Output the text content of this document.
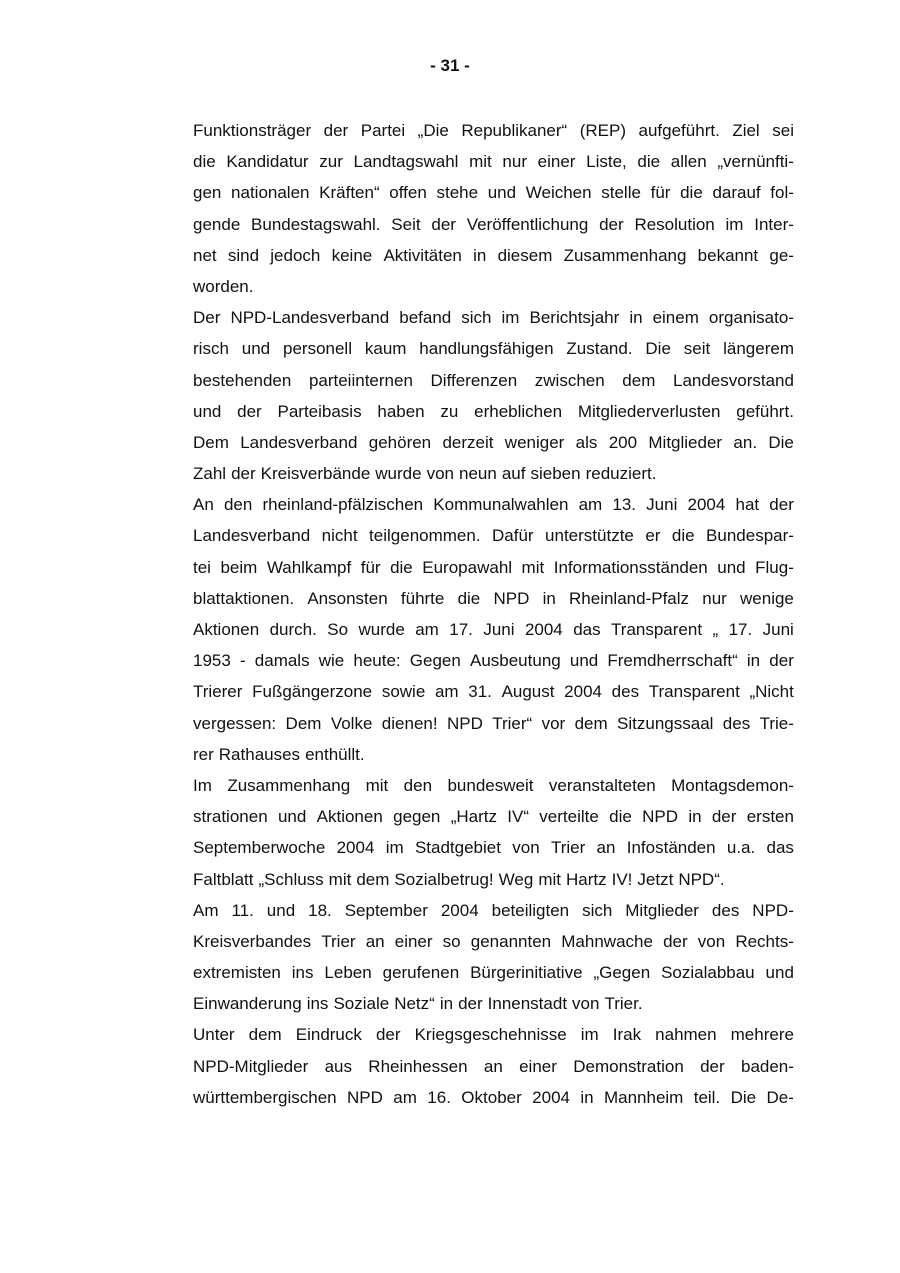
- 31 -
Funktionsträger der Partei „Die Republikaner“ (REP) aufgeführt. Ziel sei
die Kandidatur zur Landtagswahl mit nur einer Liste, die allen „vernünfti-
gen nationalen Kräften“ offen stehe und Weichen stelle für die darauf fol-
gende Bundestagswahl. Seit der Veröffentlichung der Resolution im Inter-
net sind jedoch keine Aktivitäten in diesem Zusammenhang bekannt ge-
worden.
Der NPD-Landesverband befand sich im Berichtsjahr in einem organisato-
risch und personell kaum handlungsfähigen Zustand. Die seit längerem
bestehenden parteiinternen Differenzen zwischen dem Landesvorstand
und der Parteibasis haben zu erheblichen Mitgliederverlusten geführt.
Dem Landesverband gehören derzeit weniger als 200 Mitglieder an. Die
Zahl der Kreisverbände wurde von neun auf sieben reduziert.
An den rheinland-pfälzischen Kommunalwahlen am 13. Juni 2004 hat der
Landesverband nicht teilgenommen. Dafür unterstützte er die Bundespar-
tei beim Wahlkampf für die Europawahl mit Informationsständen und Flug-
blattaktionen. Ansonsten führte die NPD in Rheinland-Pfalz nur wenige
Aktionen durch. So wurde am 17. Juni 2004 das Transparent „ 17. Juni
1953 - damals wie heute: Gegen Ausbeutung und Fremdherrschaft“ in der
Trierer Fußgängerzone sowie am 31. August 2004 des Transparent „Nicht
vergessen: Dem Volke dienen! NPD Trier“ vor dem Sitzungssaal des Trie-
rer Rathauses enthüllt.
Im Zusammenhang mit den bundesweit veranstalteten Montagsdemon-
strationen und Aktionen gegen „Hartz IV“ verteilte die NPD in der ersten
Septemberwoche 2004 im Stadtgebiet von Trier an Infoständen u.a. das
Faltblatt „Schluss mit dem Sozialbetrug! Weg mit Hartz IV! Jetzt NPD“.
Am 11. und 18. September 2004 beteiligten sich Mitglieder des NPD-
Kreisverbandes Trier an einer so genannten Mahnwache der von Rechts-
extremisten ins Leben gerufenen Bürgerinitiative „Gegen Sozialabbau und
Einwanderung ins Soziale Netz“ in der Innenstadt von Trier.
Unter dem Eindruck der Kriegsgeschehnisse im Irak nahmen mehrere
NPD-Mitglieder aus Rheinhessen an einer Demonstration der baden-
württembergischen NPD am 16. Oktober 2004 in Mannheim teil. Die De-
